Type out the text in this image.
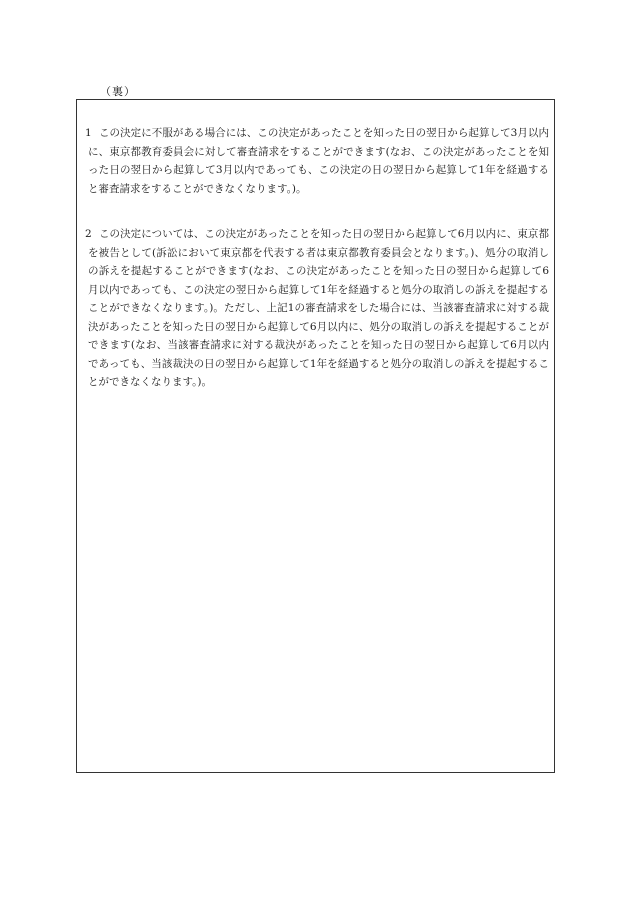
（裏）
1 この決定に不服がある場合には、この決定があったことを知った日の翌日から起算して3月以内に、東京都教育委員会に対して審査請求をすることができます(なお、この決定があったことを知った日の翌日から起算して3月以内であっても、この決定の日の翌日から起算して1年を経過すると審査請求をすることができなくなります。)。
2 この決定については、この決定があったことを知った日の翌日から起算して6月以内に、東京都を被告として(訴訟において東京都を代表する者は東京都教育委員会となります。)、処分の取消しの訴えを提起することができます(なお、この決定があったことを知った日の翌日から起算して6月以内であっても、この決定の翌日から起算して1年を経過すると処分の取消しの訴えを提起することができなくなります。)。ただし、上記1の審査請求をした場合には、当該審査請求に対する裁決があったことを知った日の翌日から起算して6月以内に、処分の取消しの訴えを提起することができます(なお、当該審査請求に対する裁決があったことを知った日の翌日から起算して6月以内であっても、当該裁決の日の翌日から起算して1年を経過すると処分の取消しの訴えを提起することができなくなります。)。
